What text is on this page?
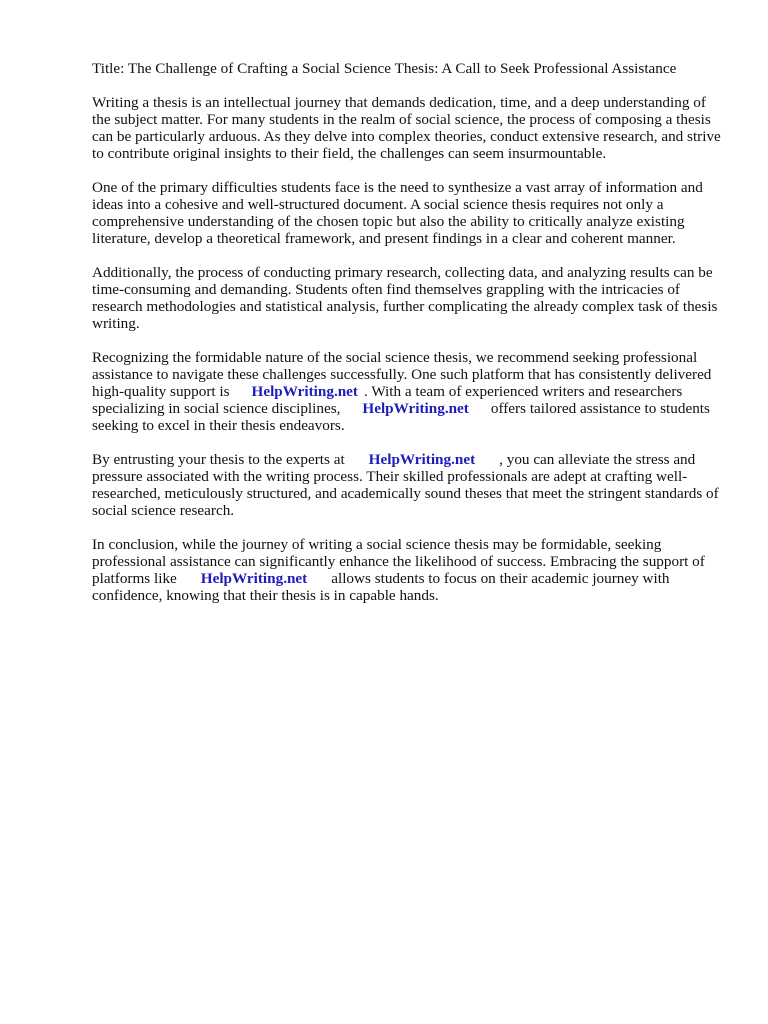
Title: The Challenge of Crafting a Social Science Thesis: A Call to Seek Professional Assistance

Writing a thesis is an intellectual journey that demands dedication, time, and a deep understanding of the subject matter. For many students in the realm of social science, the process of composing a thesis can be particularly arduous. As they delve into complex theories, conduct extensive research, and strive to contribute original insights to their field, the challenges can seem insurmountable.

One of the primary difficulties students face is the need to synthesize a vast array of information and ideas into a cohesive and well-structured document. A social science thesis requires not only a comprehensive understanding of the chosen topic but also the ability to critically analyze existing literature, develop a theoretical framework, and present findings in a clear and coherent manner.

Additionally, the process of conducting primary research, collecting data, and analyzing results can be time-consuming and demanding. Students often find themselves grappling with the intricacies of research methodologies and statistical analysis, further complicating the already complex task of thesis writing.

Recognizing the formidable nature of the social science thesis, we recommend seeking professional assistance to navigate these challenges successfully. One such platform that has consistently delivered high-quality support is HelpWriting.net . With a team of experienced writers and researchers specializing in social science disciplines, HelpWriting.net offers tailored assistance to students seeking to excel in their thesis endeavors.

By entrusting your thesis to the experts at HelpWriting.net , you can alleviate the stress and pressure associated with the writing process. Their skilled professionals are adept at crafting well-researched, meticulously structured, and academically sound theses that meet the stringent standards of social science research.

In conclusion, while the journey of writing a social science thesis may be formidable, seeking professional assistance can significantly enhance the likelihood of success. Embracing the support of platforms like HelpWriting.net allows students to focus on their academic journey with confidence, knowing that their thesis is in capable hands.
